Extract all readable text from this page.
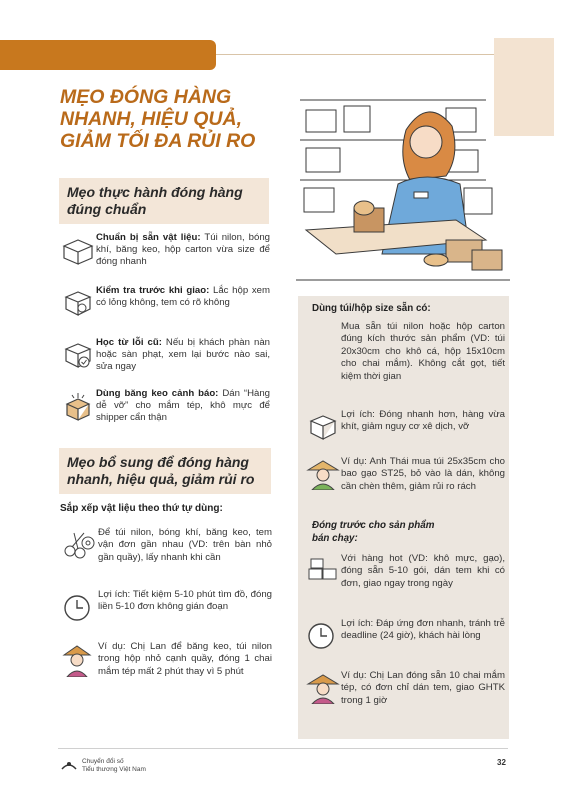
MẸO ĐÓNG HÀNG
NHANH, HIỆU QUẢ,
GIẢM TỐI ĐA RỦI RO
Mẹo thực hành đóng hàng
đúng chuẩn
Chuẩn bị sẵn vật liệu: Túi nilon, bóng khí, băng keo, hộp carton vừa size để đóng nhanh
Kiểm tra trước khi giao: Lắc hộp xem có lỏng không, tem có rõ không
Học từ lỗi cũ: Nếu bị khách phàn nàn hoặc sàn phạt, xem lại bước nào sai, sửa ngay
Dùng băng keo cảnh báo: Dán “Hàng dễ vỡ” cho mắm tép, khô mực để shipper cẩn thận
Mẹo bổ sung để đóng hàng
nhanh, hiệu quả, giảm rủi ro
Sắp xếp vật liệu theo thứ tự dùng:
Để túi nilon, bóng khí, băng keo, tem vận đơn gần nhau (VD: trên bàn nhỏ gần quầy), lấy nhanh khi cần
Lợi ích: Tiết kiệm 5-10 phút tìm đồ, đóng liền 5-10 đơn không gián đoạn
Ví dụ: Chị Lan để băng keo, túi nilon trong hộp nhỏ cạnh quầy, đóng 1 chai mắm tép mất 2 phút thay vì 5 phút
Dùng túi/hộp size sẵn có:
Mua sẵn túi nilon hoặc hộp carton đúng kích thước sản phẩm (VD: túi 20x30cm cho khô cá, hộp 15x10cm cho chai mắm). Không cắt gọt, tiết kiệm thời gian
Lợi ích: Đóng nhanh hơn, hàng vừa khít, giảm nguy cơ xê dịch, vỡ
Ví dụ: Anh Thái mua túi 25x35cm cho bao gạo ST25, bỏ vào là dán, không cần chèn thêm, giảm rủi ro rách
Đóng trước cho sản phẩm
bán chạy:
Với hàng hot (VD: khô mực, gạo), đóng sẵn 5-10 gói, dán tem khi có đơn, giao ngay trong ngày
Lợi ích: Đáp ứng đơn nhanh, tránh trễ deadline (24 giờ), khách hài lòng
Ví dụ: Chị Lan đóng sẵn 10 chai mắm tép, có đơn chỉ dán tem, giao GHTK trong 1 giờ
Chuyển đổi số
Tiểu thương Việt Nam
32
